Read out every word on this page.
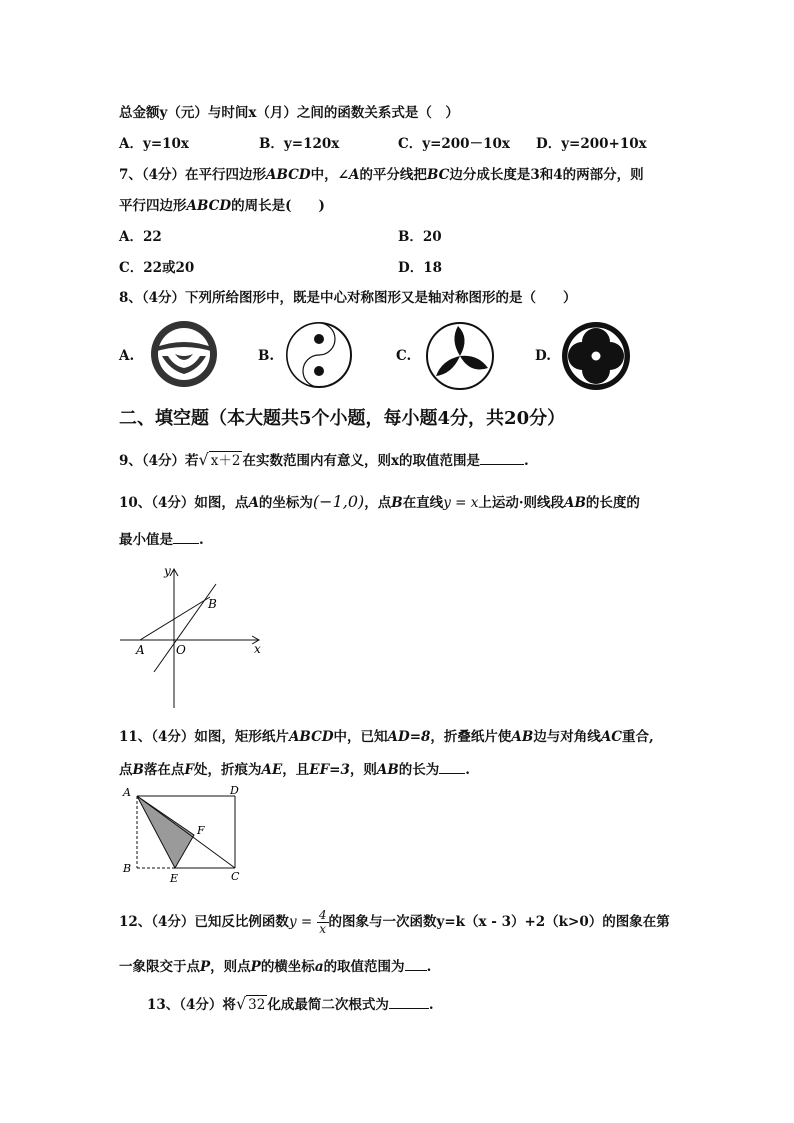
总金额y（元）与时间x（月）之间的函数关系式是（　）
A．y=10x	B．y=120x	C．y=200－10x D．y=200+10x
7、（4分）在平行四边形ABCD中，∠A的平分线把BC边分成长度是3和4的两部分，则
平行四边形ABCD的周长是(　　)
A．22	B．20
C．22或20	D．18
8、（4分）下列所给图形中，既是中心对称图形又是轴对称图形的是（　　）
A.	B.	C.	D.
二、填空题（本大题共5个小题，每小题4分，共20分）
9、（4分）若√ x＋2 在实数范围内有意义，则x的取值范围是	.
10、（4分）如图，点A的坐标为(−1,0)，点B在直线y = x上运动·则线段AB的长度的
最小值是 .
y
x
A	O
B
11、（4分）如图，矩形纸片ABCD中，已知AD=8，折叠纸片使AB边与对角线AC重合,
点B落在点F处，折痕为AE，且EF=3，则AB的长为 .
A	D
F
B
E	C
12、（4分）已知反比例函数$y = \frac{4}{x}$ 的图象与一次函数y=k（x - 3）+2（k>0）的图象在第
一象限交于点P，则点P的横坐标a的取值范围为 .
13、（4分）将√ 32 化成最简二次根式为	.
